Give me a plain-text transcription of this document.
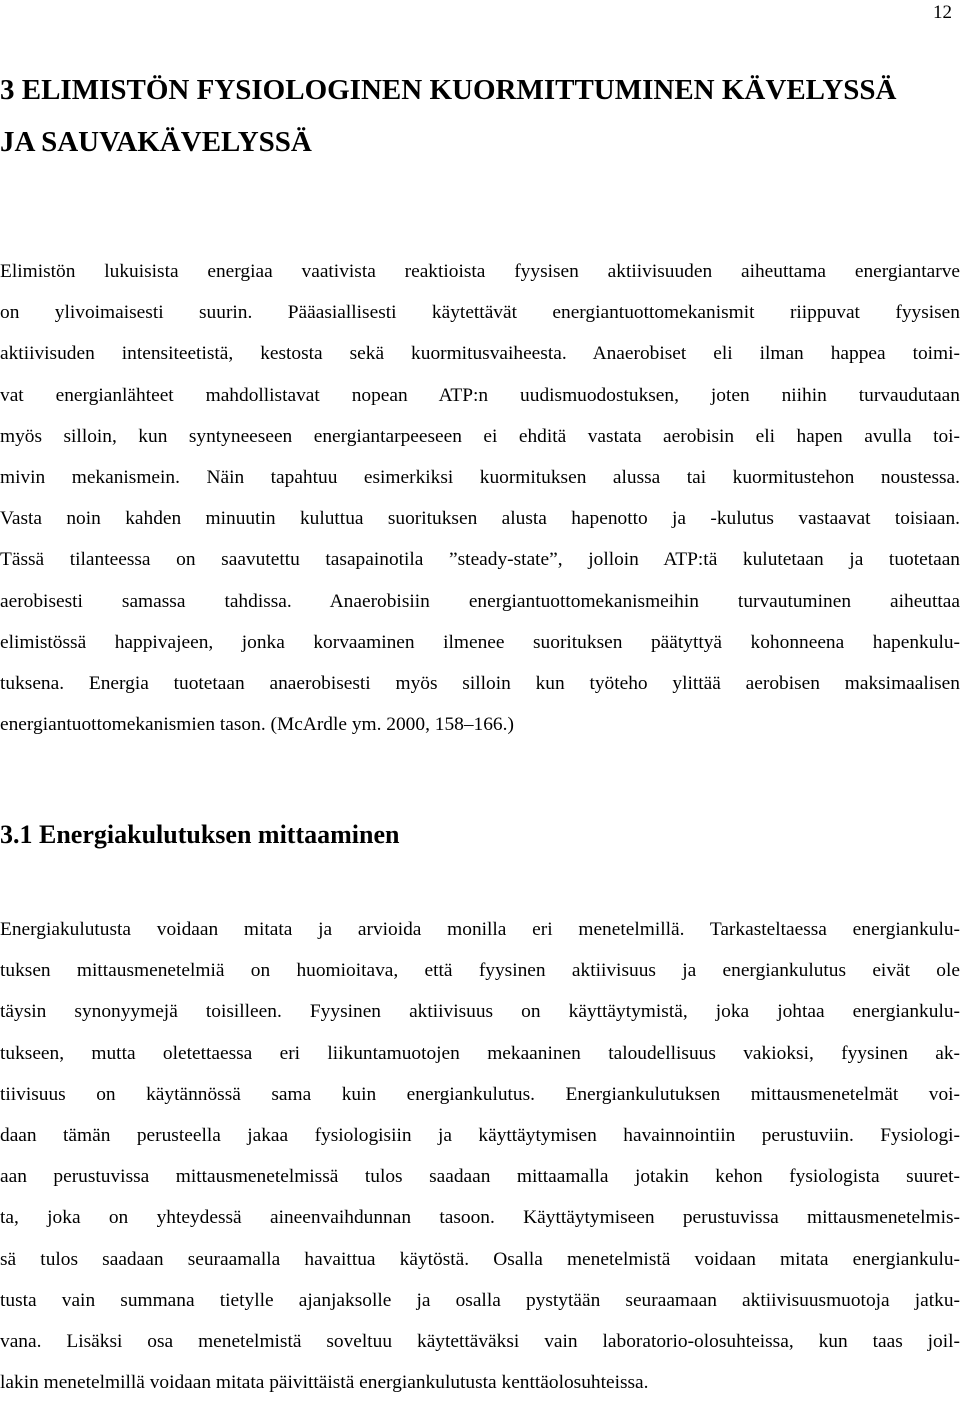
12
3 ELIMISTÖN FYSIOLOGINEN KUORMITTUMINEN KÄVELYSSÄ
JA SAUVAKÄVELYSSÄ
Elimistön lukuisista energiaa vaativista reaktioista fyysisen aktiivisuuden aiheuttama energiantarve
on ylivoimaisesti suurin. Pääasiallisesti käytettävät energiantuottomekanismit riippuvat fyysisen
aktiivisuden intensiteetistä, kestosta sekä kuormitusvaiheesta. Anaerobiset eli ilman happea toimi-
vat energianlähteet mahdollistavat nopean ATP:n uudismuodostuksen, joten niihin turvaudutaan
myös silloin, kun syntyneeseen energiantarpeeseen ei ehditä vastata aerobisin eli hapen avulla toi-
mivin mekanismein. Näin tapahtuu esimerkiksi kuormituksen alussa tai kuormitustehon noustessa.
Vasta noin kahden minuutin kuluttua suorituksen alusta hapenotto ja -kulutus vastaavat toisiaan.
Tässä tilanteessa on saavutettu tasapainotila ”steady-state”, jolloin ATP:tä kulutetaan ja tuotetaan
aerobisesti samassa tahdissa. Anaerobisiin energiantuottomekanismeihin turvautuminen aiheuttaa
elimistössä happivajeen, jonka korvaaminen ilmenee suorituksen päätyttyä kohonneena hapenkulu-
tuksena. Energia tuotetaan anaerobisesti myös silloin kun työteho ylittää aerobisen maksimaalisen
energiantuottomekanismien tason. (McArdle ym. 2000, 158–166.)
3.1 Energiakulutuksen mittaaminen
Energiakulutusta voidaan mitata ja arvioida monilla eri menetelmillä. Tarkasteltaessa energiankulu-
tuksen mittausmenetelmiä on huomioitava, että fyysinen aktiivisuus ja energiankulutus eivät ole
täysin synonyymejä toisilleen. Fyysinen aktiivisuus on käyttäytymistä, joka johtaa energiankulu-
tukseen, mutta oletettaessa eri liikuntamuotojen mekaaninen taloudellisuus vakioksi, fyysinen ak-
tiivisuus on käytännössä sama kuin energiankulutus. Energiankulutuksen mittausmenetelmät voi-
daan tämän perusteella jakaa fysiologisiin ja käyttäytymisen havainnointiin perustuviin. Fysiologi-
aan perustuvissa mittausmenetelmissä tulos saadaan mittaamalla jotakin kehon fysiologista suuret-
ta, joka on yhteydessä aineenvaihdunnan tasoon. Käyttäytymiseen perustuvissa mittausmenetelmis-
sä tulos saadaan seuraamalla havaittua käytöstä. Osalla menetelmistä voidaan mitata energiankulu-
tusta vain summana tietylle ajanjaksolle ja osalla pystytään seuraamaan aktiivisuusmuotoja jatku-
vana. Lisäksi osa menetelmistä soveltuu käytettäväksi vain laboratorio-olosuhteissa, kun taas joil-
lakin menetelmillä voidaan mitata päivittäistä energiankulutusta kenttäolosuhteissa.
